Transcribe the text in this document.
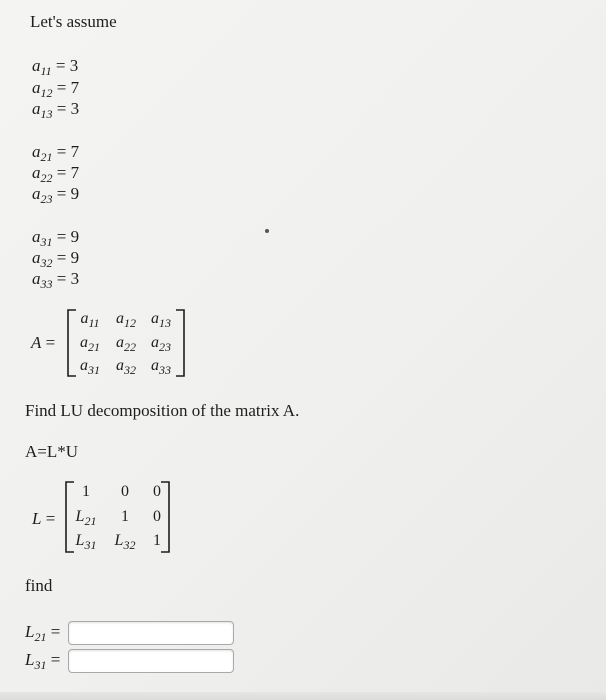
Let's assume
$a_{11} = 3$
$a_{12} = 7$
$a_{13} = 3$
$a_{21} = 7$
$a_{22} = 7$
$a_{23} = 9$
$a_{31} = 9$
$a_{32} = 9$
$a_{33} = 3$
A =
$a_{11}$	$a_{12}$ $a_{13}$
$a_{21}$	$a_{22}$ $a_{23}$
$a_{31}$	$a_{32}$ $a_{33}$
Find LU decomposition of the matrix A.
A=L*U
L =
1	0	0
$L_{21}$	1	0
$L_{31}$	$L_{32}$	1
find
$L_{21}$ =
$L_{31}$ =
